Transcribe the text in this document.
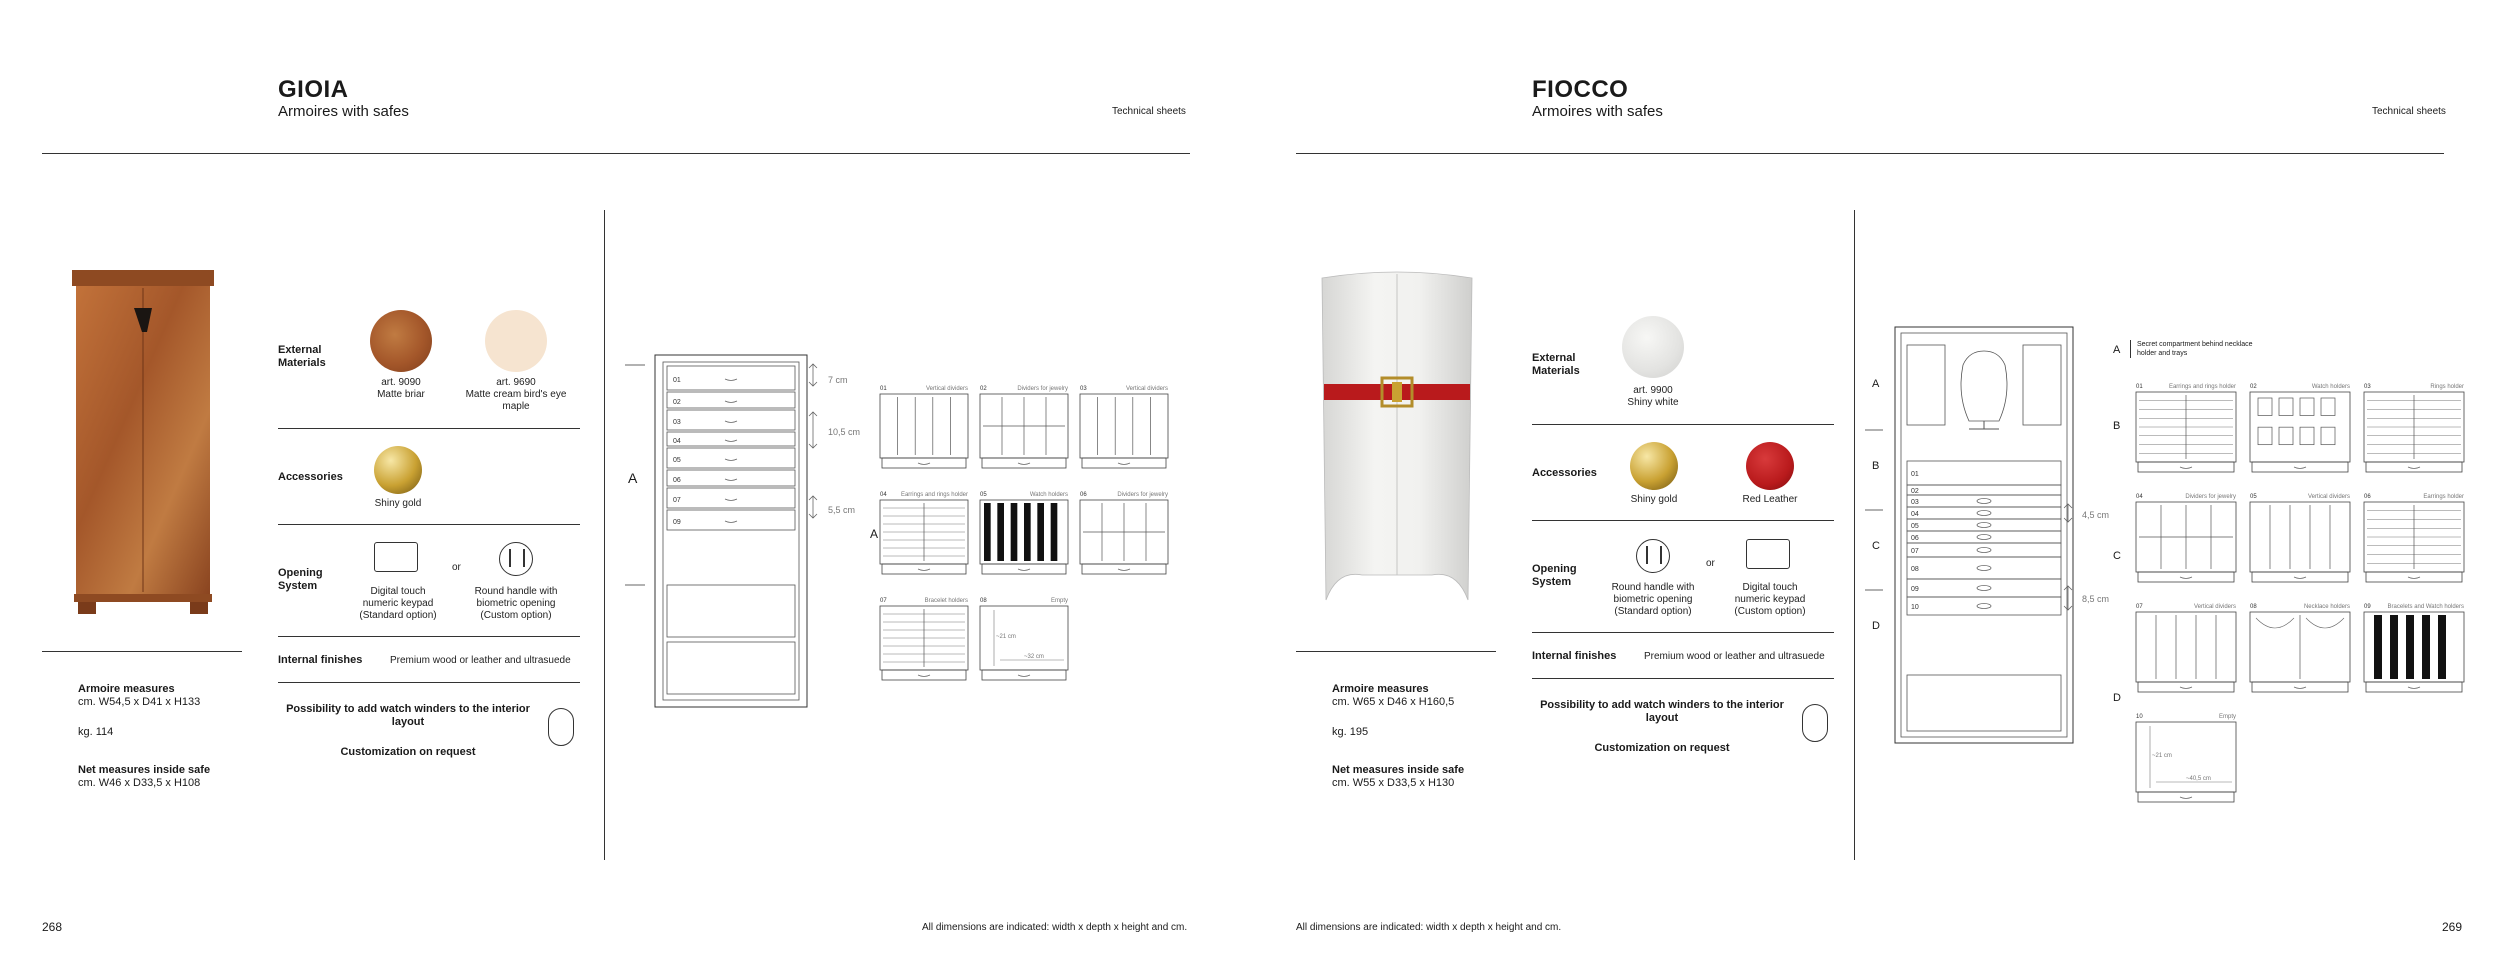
GIOIA
Armoires with safes	Technical sheets
Armoire measures
cm. W54,5 x D41 x H133
kg. 114
Net measures inside safe
cm. W46 x D33,5 x H108
External Materials
art. 9090
Matte briar
art. 9690
Matte cream bird's eye maple
Accessories
Shiny gold
Opening System	Digital touch numeric keypad (Standard option)
or
Round handle with biometric opening (Custom option)
Internal finishes	Premium wood or leather and ultrasuede
Possibility to add watch winders to the interior layout
Customization on request
A
01
02
03
04
05
06
07
09
7 cm
10,5 cm
5,5 cm
A
01	Vertical dividers 02	Dividers for jewelry 03	Vertical dividers
04 Earrings and rings holder 05	Watch holders 06	Dividers for jewelry
07	Bracelet holders 08	Empty
~21 cm
~32 cm
268	All dimensions are indicated: width x depth x height and cm.
FIOCCO
Armoires with safes	Technical sheets
Armoire measures
cm. W65 x D46 x H160,5
kg. 195
Net measures inside safe
cm. W55 x D33,5 x H130
External Materials
art. 9900
Shiny white
Accessories
Shiny gold	Red Leather
Opening System	Round handle with biometric opening (Standard option)
or
Digital touch numeric keypad (Custom option)
Internal finishes	Premium wood or leather and ultrasuede
Possibility to add watch winders to the interior layout
Customization on request
A
B
C
D
01
02
03
04
05
06
07
08
09
10
4,5 cm
8,5 cm
A	Secret compartment behind necklace holder and trays
B
C
D
01	Earrings and rings holder 02	Watch holders 03	Rings holder
04	Dividers for jewelry 05	Vertical dividers 06	Earrings holder
07	Vertical dividers 08	Necklace holders 09	Bracelets and Watch holders
10	Empty
~21 cm
~40,5 cm
All dimensions are indicated: width x depth x height and cm.	269
